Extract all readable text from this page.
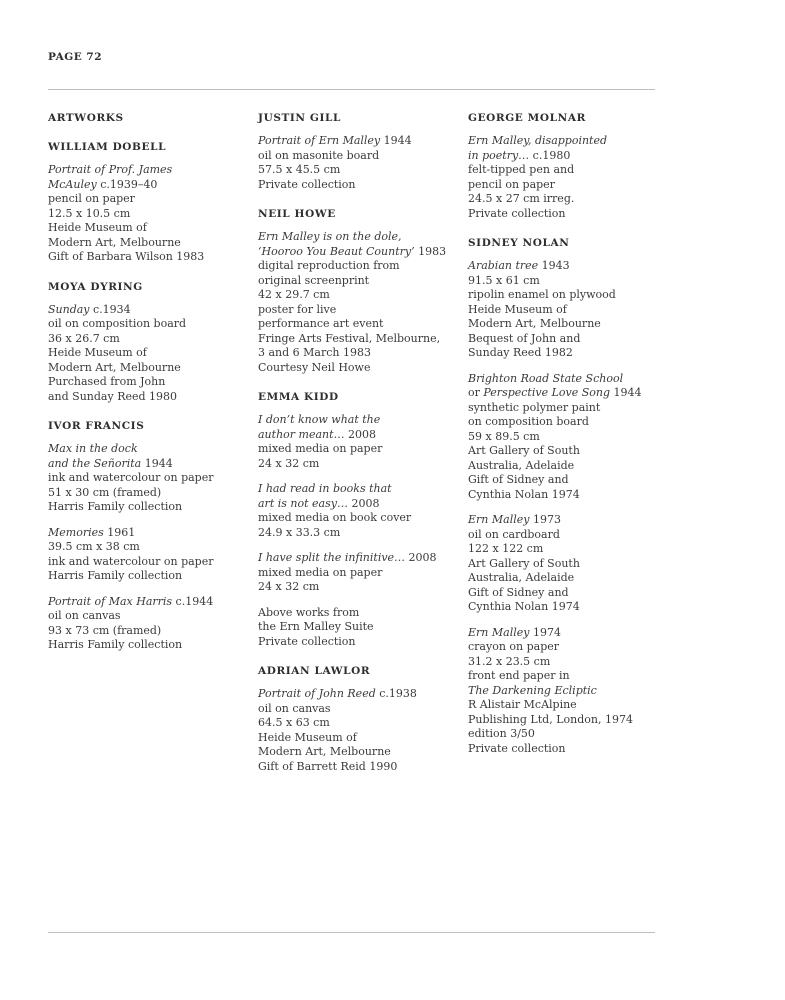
PAGE 72
ARTWORKS
WILLIAM DOBELL
Portrait of Prof. James
McAuley c.1939–40
pencil on paper
12.5 x 10.5 cm
Heide Museum of
Modern Art, Melbourne
Gift of Barbara Wilson 1983
MOYA DYRING
Sunday c.1934
oil on composition board
36 x 26.7 cm
Heide Museum of
Modern Art, Melbourne
Purchased from John
and Sunday Reed 1980
IVOR FRANCIS
Max in the dock
and the Señorita 1944
ink and watercolour on paper
51 x 30 cm (framed)
Harris Family collection
Memories 1961
39.5 cm x 38 cm
ink and watercolour on paper
Harris Family collection
Portrait of Max Harris c.1944
oil on canvas
93 x 73 cm (framed)
Harris Family collection
JUSTIN GILL
Portrait of Ern Malley 1944
oil on masonite board
57.5 x 45.5 cm
Private collection
NEIL HOWE
Ern Malley is on the dole,
‘Hooroo You Beaut Country’ 1983
digital reproduction from
original screenprint
42 x 29.7 cm
poster for live
performance art event
Fringe Arts Festival, Melbourne,
3 and 6 March 1983
Courtesy Neil Howe
EMMA KIDD
I don’t know what the
author meant… 2008
mixed media on paper
24 x 32 cm
I had read in books that
art is not easy… 2008
mixed media on book cover
24.9 x 33.3 cm
I have split the infinitive… 2008
mixed media on paper
24 x 32 cm
Above works from
the Ern Malley Suite
Private collection
ADRIAN LAWLOR
Portrait of John Reed c.1938
oil on canvas
64.5 x 63 cm
Heide Museum of
Modern Art, Melbourne
Gift of Barrett Reid 1990
GEORGE MOLNAR
Ern Malley, disappointed
in poetry… c.1980
felt-tipped pen and
pencil on paper
24.5 x 27 cm irreg.
Private collection
SIDNEY NOLAN
Arabian tree 1943
91.5 x 61 cm
ripolin enamel on plywood
Heide Museum of
Modern Art, Melbourne
Bequest of John and
Sunday Reed 1982
Brighton Road State School
or Perspective Love Song 1944
synthetic polymer paint
on composition board
59 x 89.5 cm
Art Gallery of South
Australia, Adelaide
Gift of Sidney and
Cynthia Nolan 1974
Ern Malley 1973
oil on cardboard
122 x 122 cm
Art Gallery of South
Australia, Adelaide
Gift of Sidney and
Cynthia Nolan 1974
Ern Malley 1974
crayon on paper
31.2 x 23.5 cm
front end paper in
The Darkening Ecliptic
R Alistair McAlpine
Publishing Ltd, London, 1974
edition 3/50
Private collection
